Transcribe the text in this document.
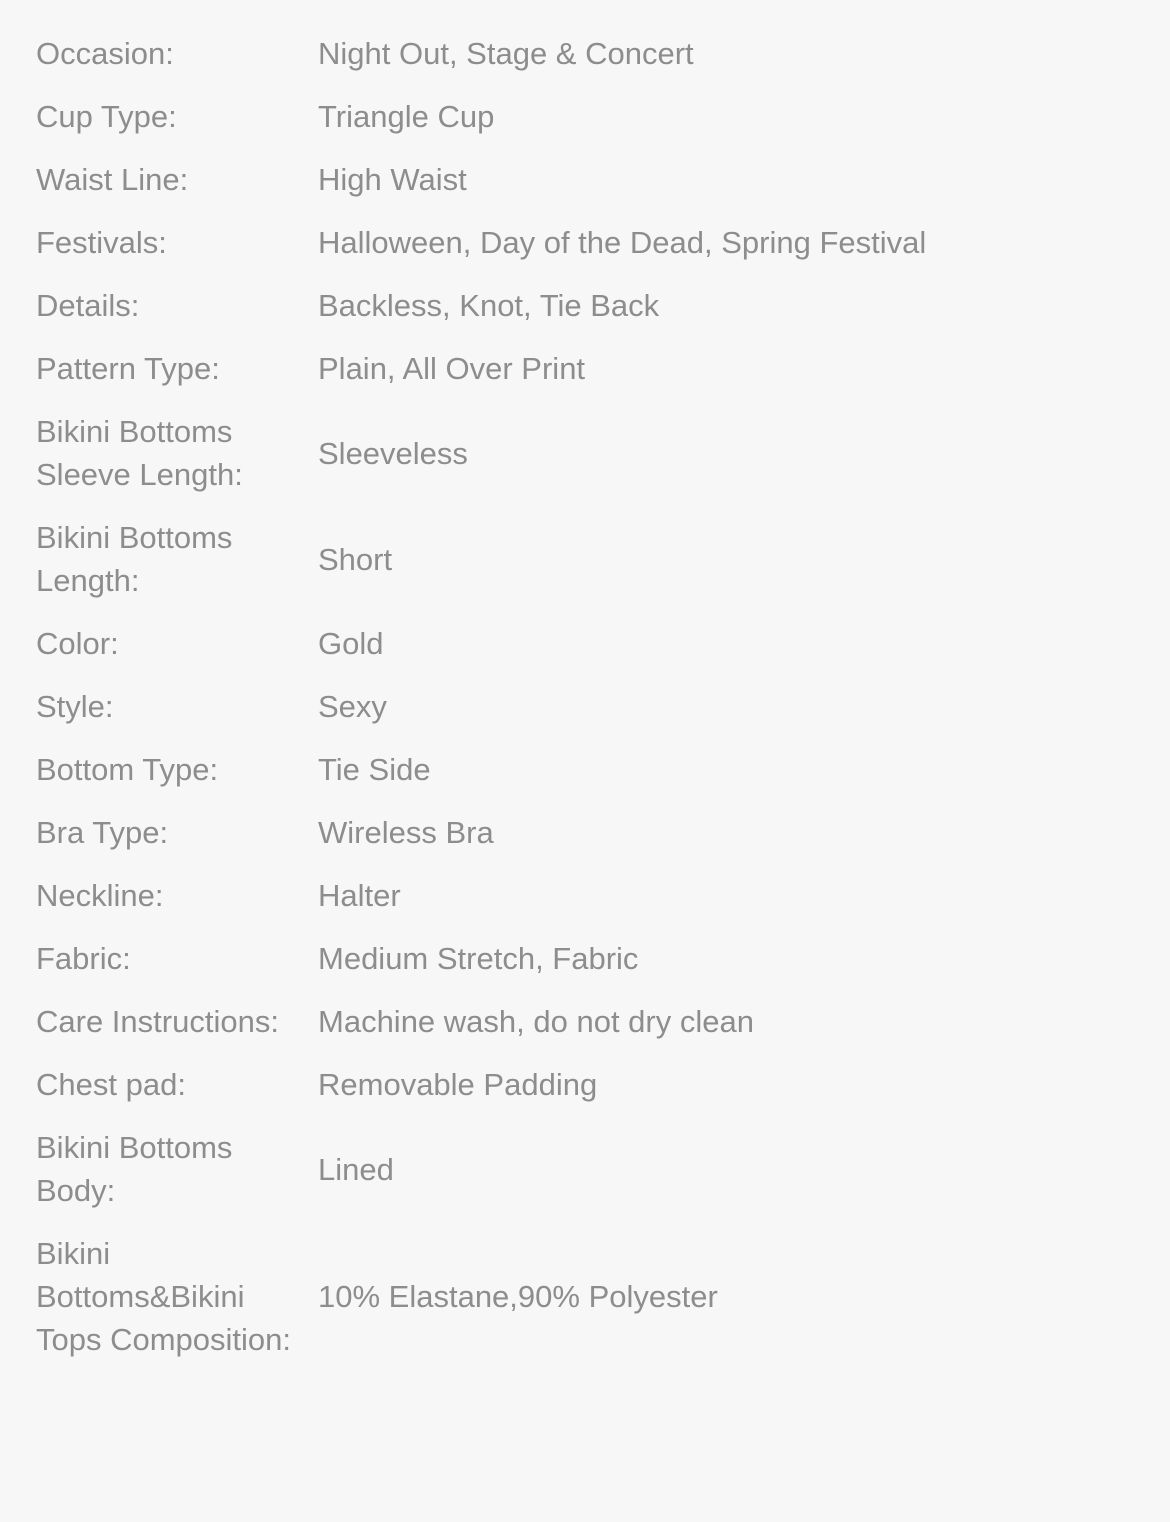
Occasion:	Night Out, Stage & Concert
Cup Type:	Triangle Cup
Waist Line:	High Waist
Festivals:	Halloween, Day of the Dead, Spring Festival
Details:	Backless, Knot, Tie Back
Pattern Type:	Plain, All Over Print
Bikini Bottoms Sleeve Length:
Sleeveless
Bikini Bottoms Length:
Short
Color:	Gold
Style:	Sexy
Bottom Type:	Tie Side
Bra Type:	Wireless Bra
Neckline:	Halter
Fabric:	Medium Stretch, Fabric
Care Instructions:	Machine wash, do not dry clean
Chest pad:	Removable Padding
Bikini Bottoms Body:
Lined
Bikini Bottoms&Bikini Tops Composition:
10% Elastane,90% Polyester
